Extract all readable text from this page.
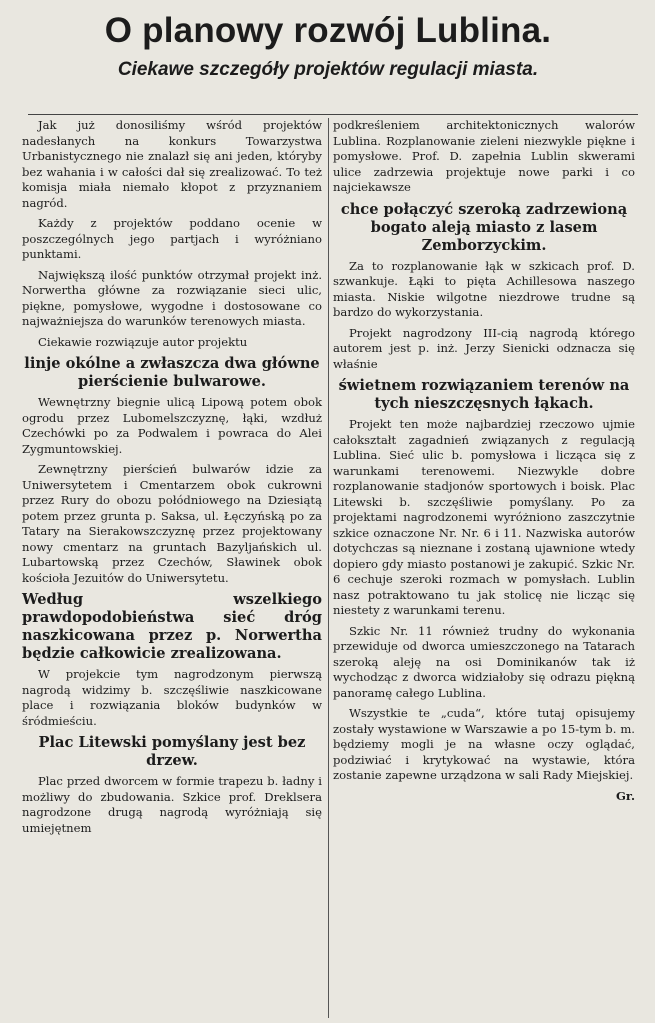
O planowy rozwój Lublina.
Ciekawe szczegóły projektów regulacji miasta.

Jak już donosiliśmy wśród projektów nadesłanych na konkurs Towarzystwa Urbanistycznego nie znalazł się ani jeden, któryby bez wahania i w całości dał się zrealizować. To też komisja miała niemało kłopot z przyznaniem nagród.

Każdy z projektów poddano ocenie w poszczególnych jego partjach i wyróżniano punktami.

Największą ilość punktów otrzymał projekt inż. Norwertha główne za rozwiązanie sieci ulic, piękne, pomysłowe, wygodne i dostosowane co najważniejsza do warunków terenowych miasta.

Ciekawie rozwiązuje autor projektu

linje okólne a zwłaszcza dwa główne pierścienie bulwarowe.

Wewnętrzny biegnie ulicą Lipową potem obok ogrodu przez Lubomelszczyznę, łąki, wzdłuż Czechówki po za Podwalem i powraca do Alei Zygmuntowskiej.

Zewnętrzny pierścień bulwarów idzie za Uniwersytetem i Cmentarzem obok cukrowni przez Rury do obozu połódniowego na Dziesiątą potem przez grunta p. Saksa, ul. Łęczyńską po za Tatary na Sierakowszczyznę przez projektowany nowy cmentarz na gruntach Bazyljańskich ul. Lubartowską przez Czechów, Sławinek obok kościoła Jezuitów do Uniwersytetu.

Według wszelkiego prawdopodobieństwa sieć dróg naszkicowana przez p. Norwertha będzie całkowicie zrealizowana.

W projekcie tym nagrodzonym pierwszą nagrodą widzimy b. szczęśliwie naszkicowane place i rozwiązania bloków budynków w śródmieściu.

Plac Litewski pomyślany jest bez drzew.

Plac przed dworcem w formie trapezu b. ładny i możliwy do zbudowania. Szkice prof. Dreklsera nagrodzone drugą nagrodą wyróżniają się umiejętnem

podkreśleniem architektonicznych walorów Lublina. Rozplanowanie zieleni niezwykle piękne i pomysłowe. Prof. D. zapełnia Lublin skwerami ulice zadrzewia projektuje nowe parki i co najciekawsze

chce połączyć szeroką zadrzewioną bogato aleją miasto z lasem Zemborzyckim.

Za to rozplanowanie łąk w szkicach prof. D. szwankuje. Łąki to pięta Achillesowa naszego miasta. Niskie wilgotne niezdrowe trudne są bardzo do wykorzystania.

Projekt nagrodzony III-cią nagrodą którego autorem jest p. inż. Jerzy Sienicki odznacza się właśnie

świetnem rozwiązaniem terenów na tych nieszczęsnych łąkach.

Projekt ten może najbardziej rzeczowo ujmie całokształt zagadnień związanych z regulacją Lublina. Sieć ulic b. pomysłowa i licząca się z warunkami terenowemi. Niezwykle dobre rozplanowanie stadjonów sportowych i boisk. Plac Litewski b. szczęśliwie pomyślany. Po za projektami nagrodzonemi wyróżniono zaszczytnie szkice oznaczone Nr. Nr. 6 i 11. Nazwiska autorów dotychczas są nieznane i zostaną ujawnione wtedy dopiero gdy miasto postanowi je zakupić. Szkic Nr. 6 cechuje szeroki rozmach w pomysłach. Lublin nasz potraktowano tu jak stolicę nie licząc się niestety z warunkami terenu.

Szkic Nr. 11 również trudny do wykonania przewiduje od dworca umieszczonego na Tatarach szeroką aleję na osi Dominikanów tak iż wychodząc z dworca widziałoby się odrazu piękną panoramę całego Lublina.

Wszystkie te „cuda“, które tutaj opisujemy zostały wystawione w Warszawie a po 15-tym b. m. będziemy mogli je na własne oczy oglądać, podziwiać i krytykować na wystawie, która zostanie zapewne urządzona w sali Rady Miejskiej.

Gr.
